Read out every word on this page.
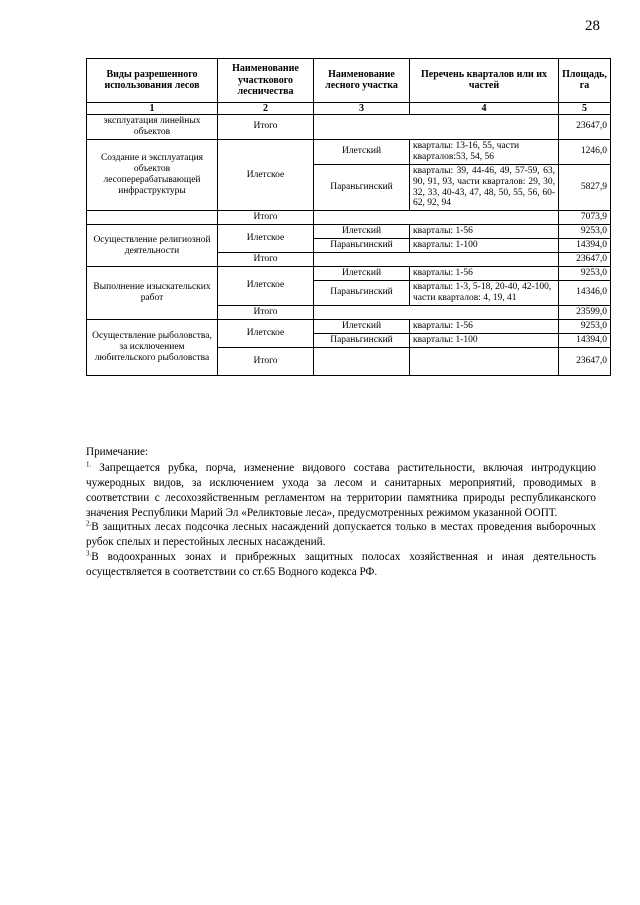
28
Виды разрешенного использования лесов	Наименование участкового лесничества	Наименование лесного участка	Перечень кварталов или их частей	Площадь, га
1	2	3	4	5
эксплуатация линейных объектов	Итого			23647,0
Создание и эксплуатация объектов лесоперерабатывающей инфраструктуры	Илетское	Илетский	кварталы: 13-16, 55, части кварталов:53, 54, 56	1246,0
		Параньгинский	кварталы: 39, 44-46, 49, 57-59, 63, 90, 91, 93, части кварталов: 29, 30, 32, 33, 40-43, 47, 48, 50, 55, 56, 60-62, 92, 94	5827,9
	Итого			7073,9
Осуществление религиозной деятельности	Илетское	Илетский	кварталы: 1-56	9253,0
		Параньгинский	кварталы: 1-100	14394,0
	Итого			23647,0
Выполнение изыскательских работ	Илетское	Илетский	кварталы: 1-56	9253,0
		Параньгинский	кварталы: 1-3, 5-18, 20-40, 42-100, части кварталов: 4, 19, 41	14346,0
	Итого			23599,0
Осуществление рыболовства, за исключением любительского рыболовства	Илетское	Илетский	кварталы: 1-56	9253,0
		Параньгинский	кварталы: 1-100	14394,0
	Итого			23647,0

Примечание:

$^{1.}$ Запрещается рубка, порча, изменение видового состава растительности, включая интродукцию чужеродных видов, за исключением ухода за лесом и санитарных мероприятий, проводимых в соответствии с лесохозяйственным регламентом на территории памятника природы республиканского значения Республики Марий Эл «Реликтовые леса», предусмотренных режимом указанной ООПТ.

$^{2.}$В защитных лесах подсочка лесных насаждений допускается только в местах проведения выборочных рубок спелых и перестойных лесных насаждений.

$^{3.}$В водоохранных зонах и прибрежных защитных полосах хозяйственная и иная деятельность осуществляется в соответствии со ст.65 Водного кодекса РФ.
